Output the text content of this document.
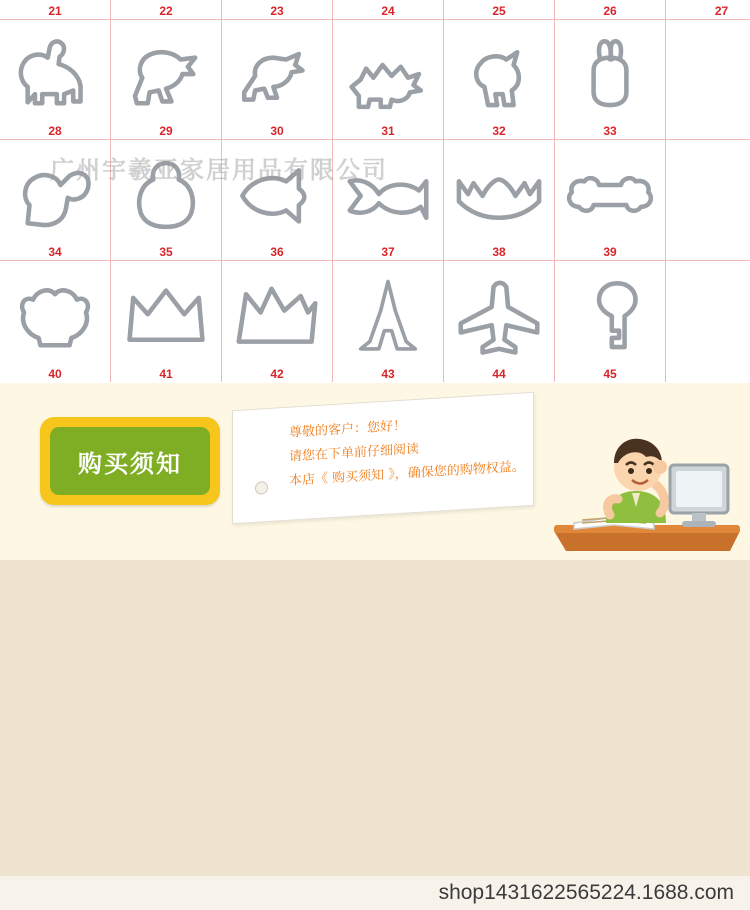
21	22	23	24	25	26	27
28	29	30	31	32	33
34	35	36	37	38	39
40	41	42	43	44	45
广州宇羲亚家居用品有限公司
购买须知
尊敬的客户：您好！
请您在下单前仔细阅读
本店《 购买须知 》，确保您的购物权益。

shop1431622565224.1688.com
